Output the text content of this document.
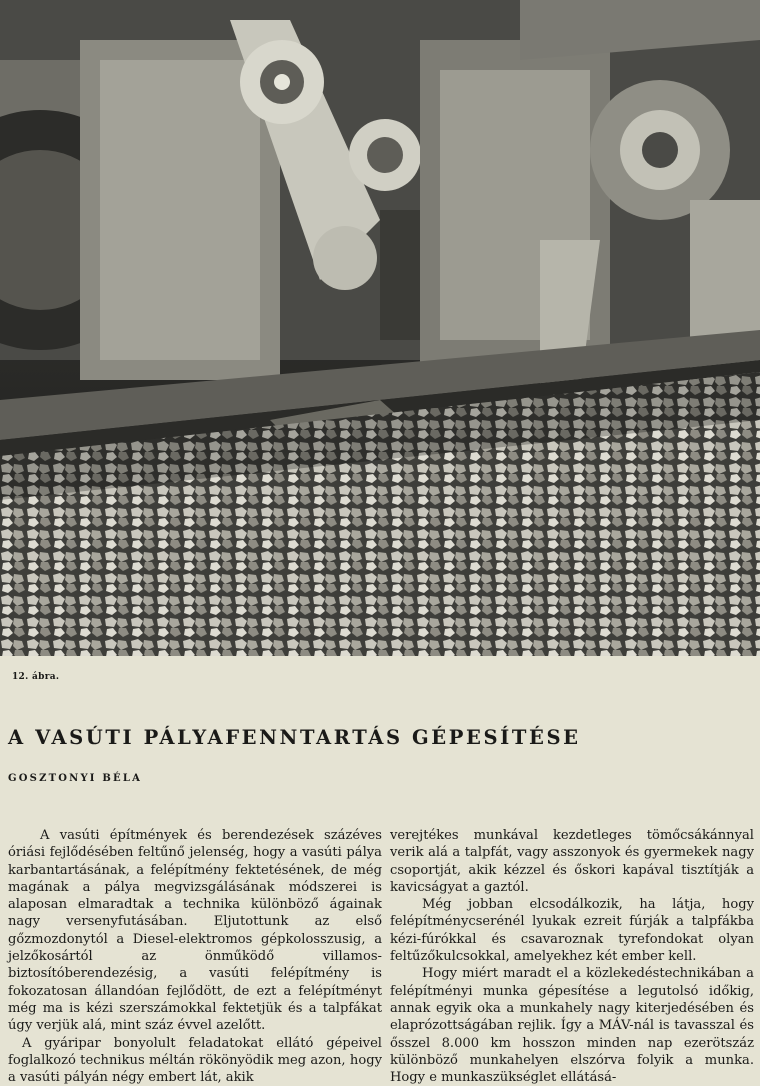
12. ábra.
A VASÚTI PÁLYAFENNTARTÁS GÉPESÍTÉSE
GOSZTONYI BÉLA

A vasúti építmények és berendezések százéves óriási fejlődésében feltűnő jelenség, hogy a vasúti pálya karbantartásának, a felépítmény fektetésének, de még magának a pálya megvizsgálásának módszerei is alaposan elmaradtak a technika különböző ágainak nagy versenyfutásában. Eljutottunk az első gőzmozdonytól a Diesel-elektromos gépkolosszusig, a jelzőkosártól az önműködő villamos-biztosítóberendezésig, a vasúti felépítmény is fokozatosan állandóan fejlődött, de ezt a felépítményt még ma is kézi szerszámokkal fektetjük és a talpfákat úgy verjük alá, mint száz évvel azelőtt.

A gyáripar bonyolult feladatokat ellátó gépeivel foglalkozó technikus méltán rökönyödik meg azon, hogy a vasúti pályán négy embert lát, akik

verejtékes munkával kezdetleges tömőcsákánnyal verik alá a talpfát, vagy asszonyok és gyermekek nagy csoportját, akik kézzel és őskori kapával tisztítják a kavicságyat a gaztól.

Még jobban elcsodálkozik, ha látja, hogy felépítménycserénél lyukak ezreit fúrják a talpfákba kézi-fúrókkal és csavaroznak tyrefondokat olyan feltűzőkulcsokkal, amelyekhez két ember kell.

Hogy miért maradt el a közlekedéstechnikában a felépítményi munka gépesítése a legutolsó időkig, annak egyik oka a munkahely nagy kiterjedésében és elaprózottságában rejlik. Így a MÁV-nál is tavasszal és ősszel 8.000 km hosszon minden nap ezerötszáz különböző munkahelyen elszórva folyik a munka. Hogy e munkaszükséglet ellátásá-
